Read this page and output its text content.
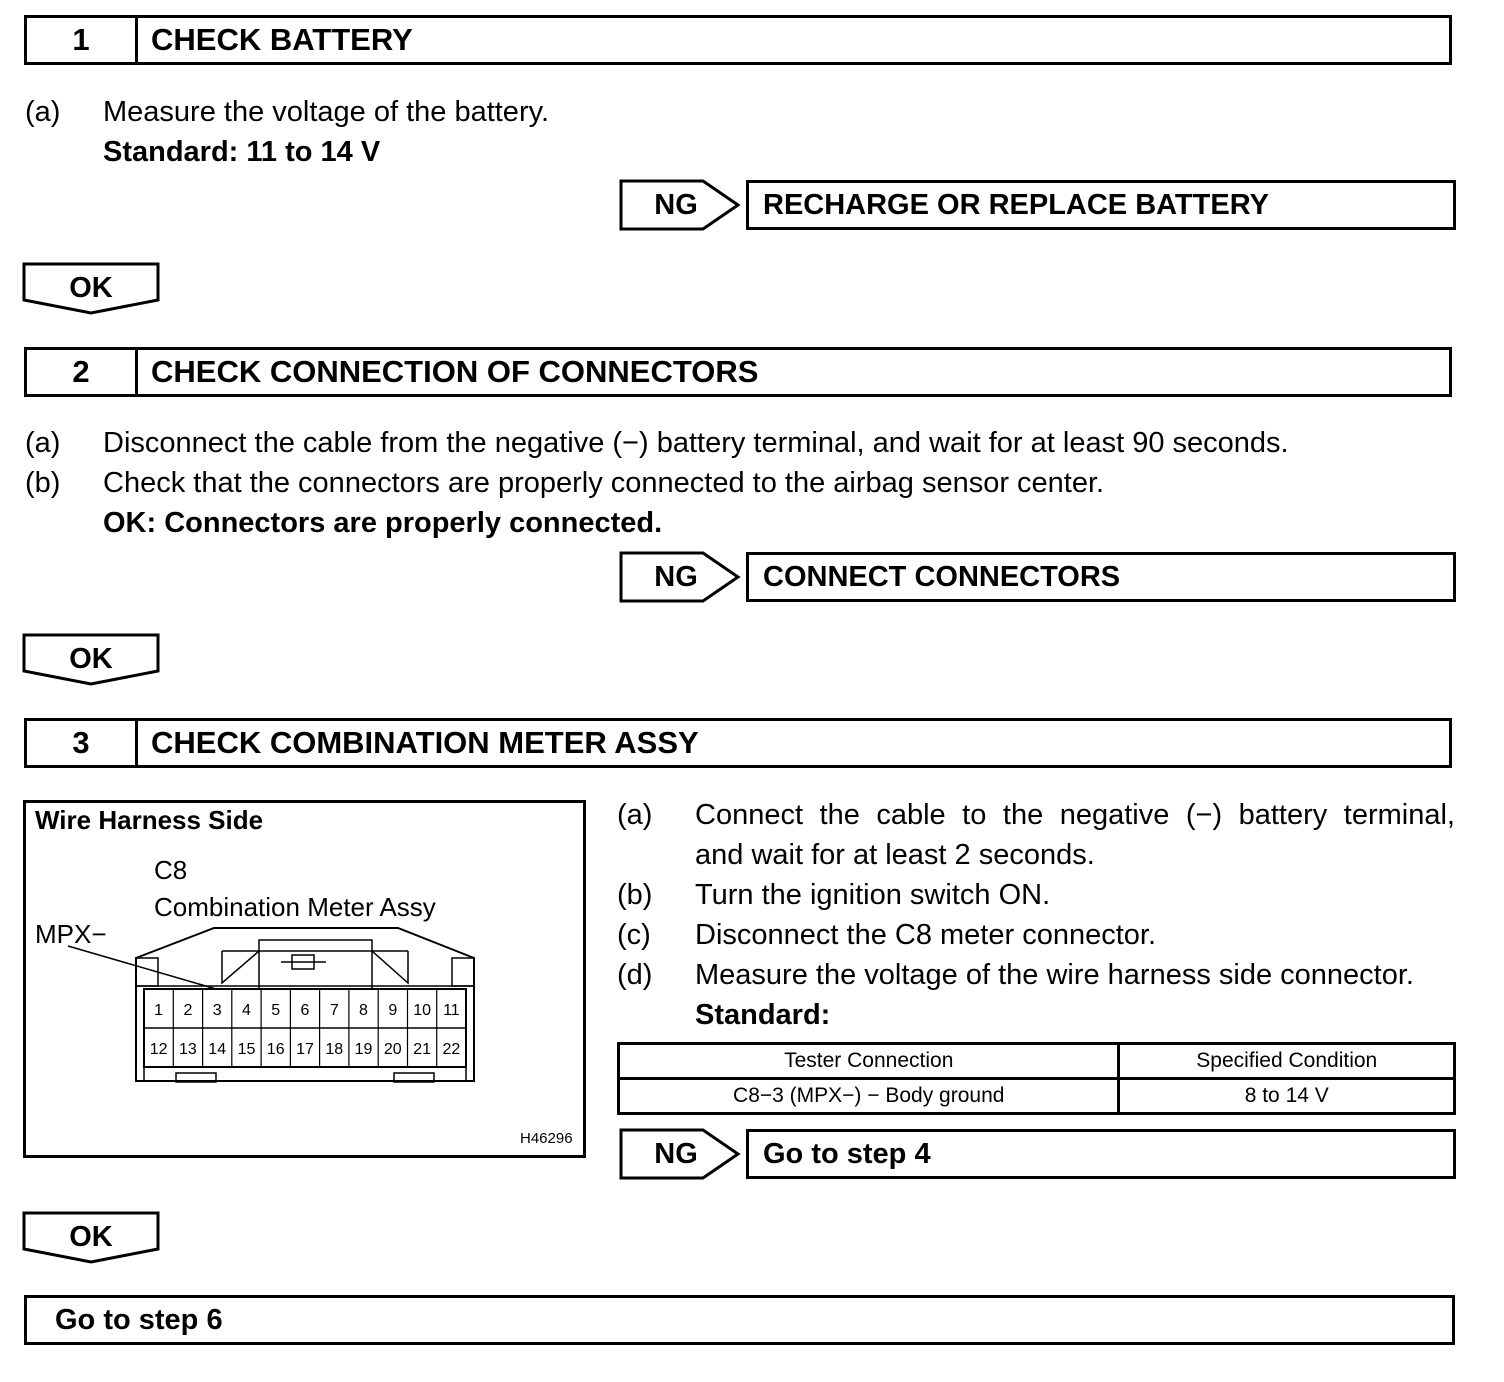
1	CHECK BATTERY
(a) Measure the voltage of the battery.
Standard: 11 to 14 V
NG	RECHARGE OR REPLACE BATTERY
OK
2	CHECK CONNECTION OF CONNECTORS
(a) Disconnect the cable from the negative (−) battery terminal, and wait for at least 90 seconds.
(b) Check that the connectors are properly connected to the airbag sensor center.
OK: Connectors are properly connected.
NG	CONNECT CONNECTORS
OK
3	CHECK COMBINATION METER ASSY
Wire Harness Side
C8
Combination Meter Assy
MPX−
1 2 3 4 5 6 7 8 9 10 11
12 13 14 15 16 17 18 19 20 21 22
H46296
(a) Connect the cable to the negative (−) battery terminal,
and wait for at least 2 seconds.
(b) Turn the ignition switch ON.
(c) Disconnect the C8 meter connector.
(d) Measure the voltage of the wire harness side connector.
Standard:
Tester Connection	Specified Condition
C8−3 (MPX−) − Body ground	8 to 14 V
NG	Go to step 4
OK
Go to step 6
